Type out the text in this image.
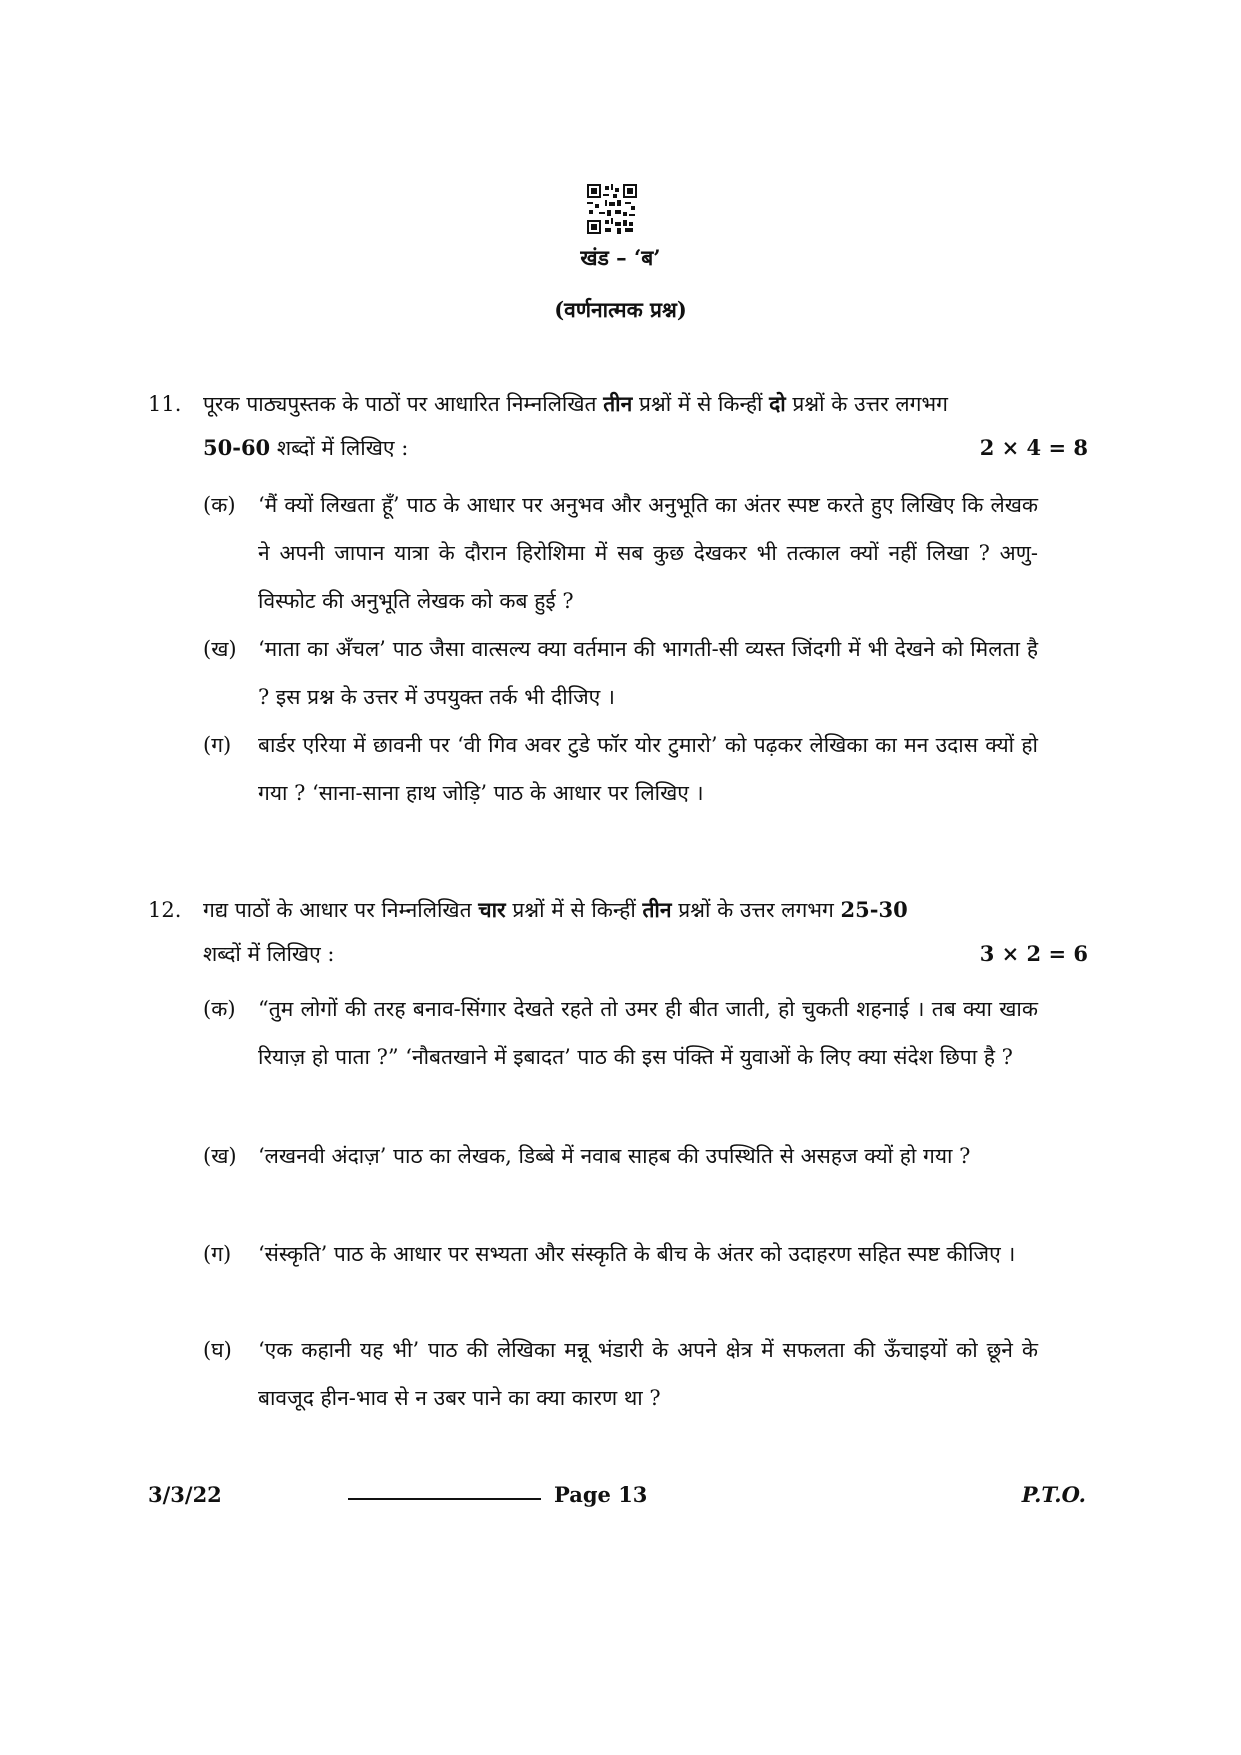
खंड – ‘ब’
(वर्णनात्मक प्रश्न)
11.	पूरक पाठ्यपुस्तक के पाठों पर आधारित निम्नलिखित तीन प्रश्नों में से किन्हीं दो प्रश्नों के उत्तर लगभग
50-60 शब्दों में लिखिए :	2 × 4 = 8
(क)	‘मैं क्यों लिखता हूँ’ पाठ के आधार पर अनुभव और अनुभूति का अंतर स्पष्ट करते हुए लिखिए कि लेखक ने अपनी जापान यात्रा के दौरान हिरोशिमा में सब कुछ देखकर भी तत्काल क्यों नहीं लिखा ? अणु-विस्फोट की अनुभूति लेखक को कब हुई ?
(ख)	‘माता का अँचल’ पाठ जैसा वात्सल्य क्या वर्तमान की भागती-सी व्यस्त जिंदगी में भी देखने को मिलता है ? इस प्रश्न के उत्तर में उपयुक्त तर्क भी दीजिए ।
(ग)	बार्डर एरिया में छावनी पर ‘वी गिव अवर टुडे फॉर योर टुमारो’ को पढ़कर लेखिका का मन उदास क्यों हो गया ? ‘साना-साना हाथ जोड़ि’ पाठ के आधार पर लिखिए ।
12.	गद्य पाठों के आधार पर निम्नलिखित चार प्रश्नों में से किन्हीं तीन प्रश्नों के उत्तर लगभग 25-30
शब्दों में लिखिए :	3 × 2 = 6
(क)	“तुम लोगों की तरह बनाव-सिंगार देखते रहते तो उमर ही बीत जाती, हो चुकती शहनाई । तब क्या खाक रियाज़ हो पाता ?” ‘नौबतखाने में इबादत’ पाठ की इस पंक्ति में युवाओं के लिए क्या संदेश छिपा है ?
(ख)	‘लखनवी अंदाज़’ पाठ का लेखक, डिब्बे में नवाब साहब की उपस्थिति से असहज क्यों हो गया ?
(ग)	‘संस्कृति’ पाठ के आधार पर सभ्यता और संस्कृति के बीच के अंतर को उदाहरण सहित स्पष्ट कीजिए ।
(घ)	‘एक कहानी यह भी’ पाठ की लेखिका मन्नू भंडारी के अपने क्षेत्र में सफलता की ऊँचाइयों को छूने के बावजूद हीन-भाव से न उबर पाने का क्या कारण था ?
3/3/22	Page 13	P.T.O.
